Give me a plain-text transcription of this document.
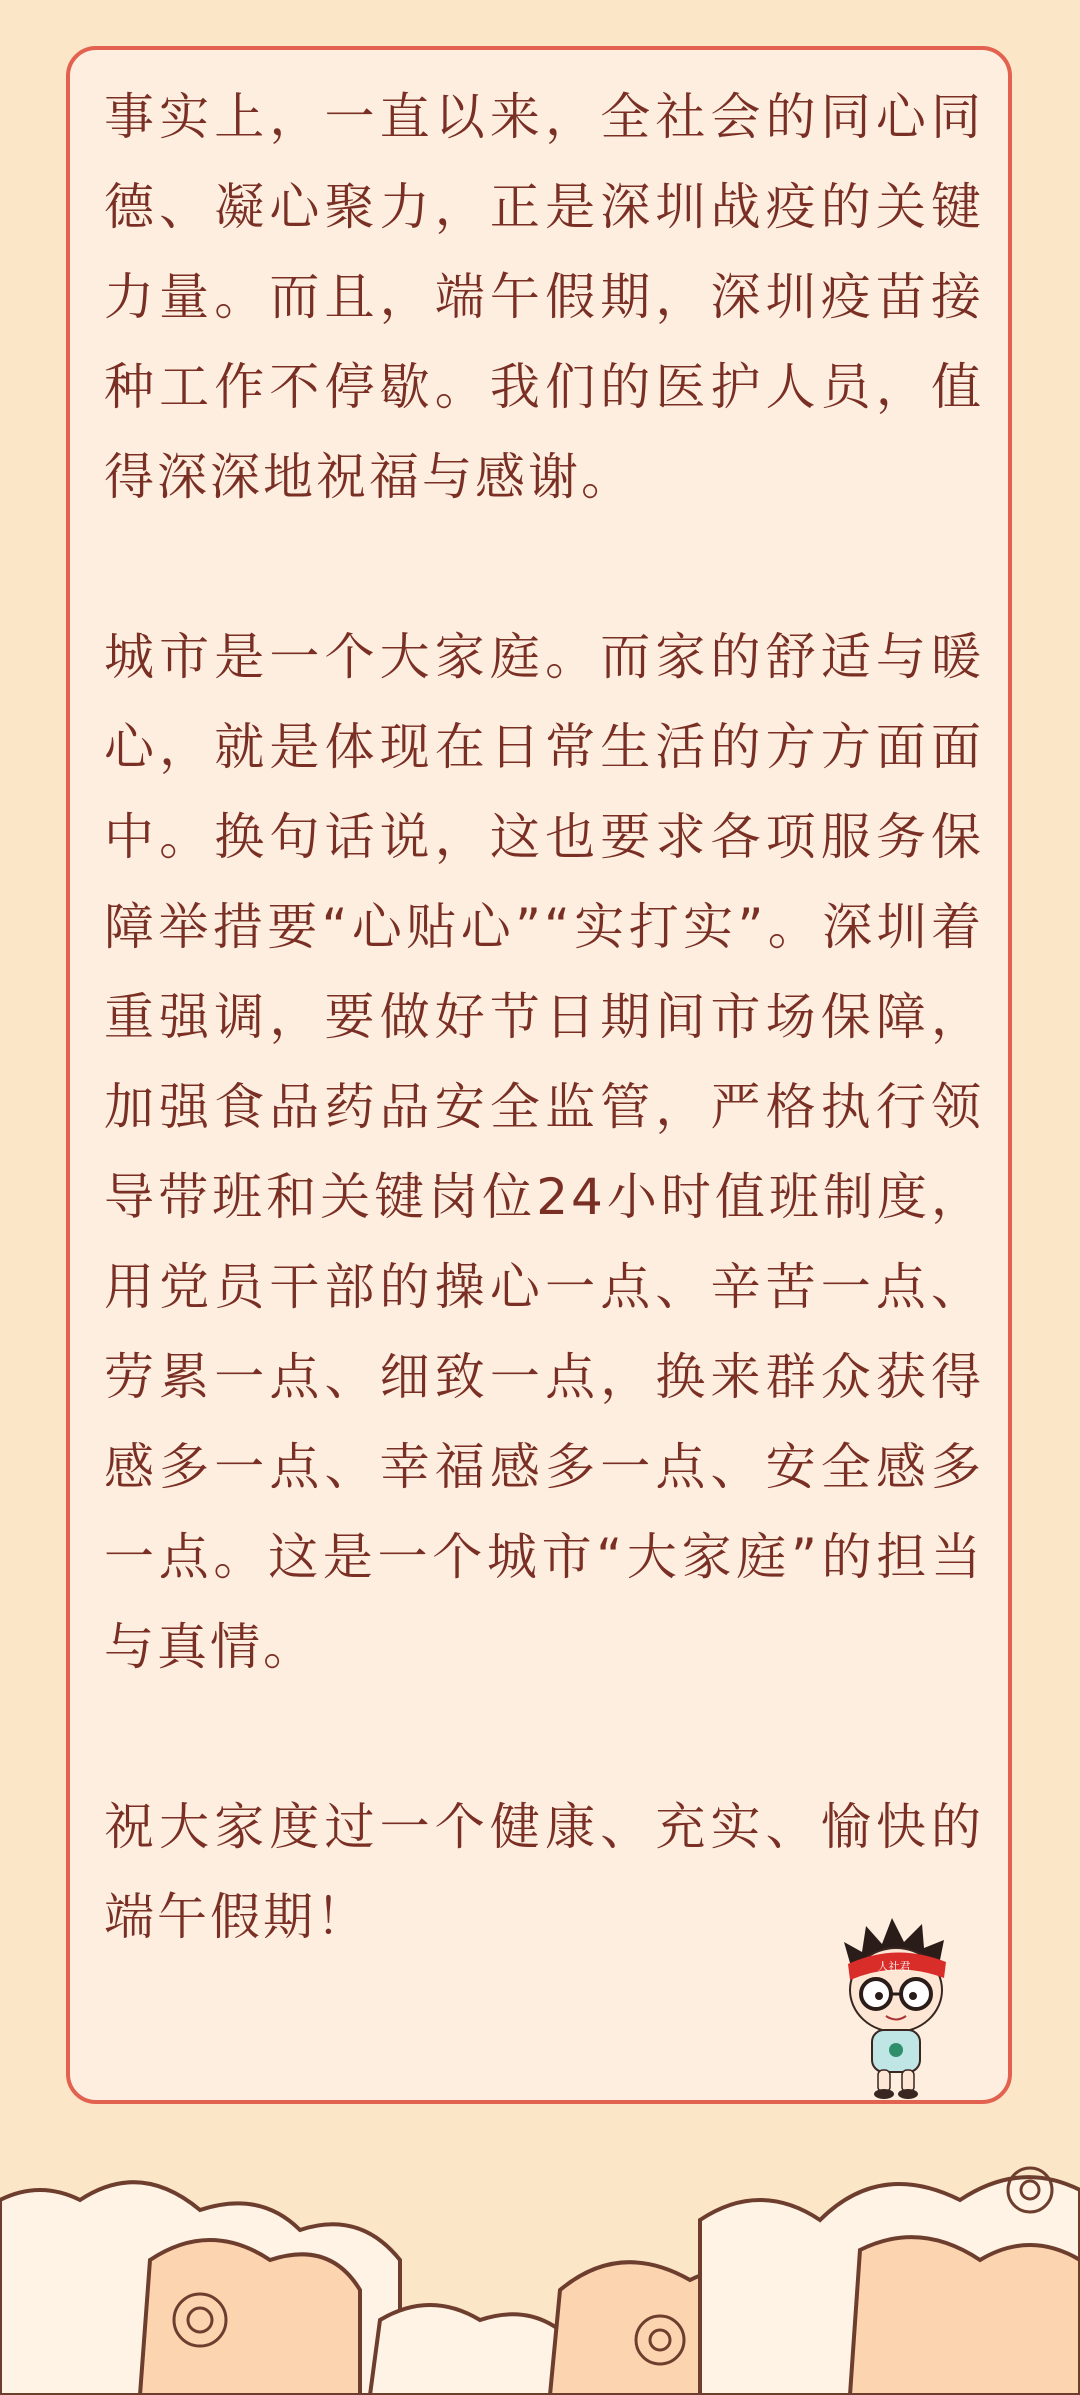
事实上，一直以来，全社会的同心同德、凝心聚力，正是深圳战疫的关键力量。而且，端午假期，深圳疫苗接种工作不停歇。我们的医护人员，值得深深地祝福与感谢。

城市是一个大家庭。而家的舒适与暖心，就是体现在日常生活的方方面面中。换句话说，这也要求各项服务保障举措要“心贴心”“实打实”。深圳着重强调，要做好节日期间市场保障，加强食品药品安全监管，严格执行领导带班和关键岗位24小时值班制度，用党员干部的操心一点、辛苦一点、劳累一点、细致一点，换来群众获得感多一点、幸福感多一点、安全感多一点。这是一个城市“大家庭”的担当与真情。

祝大家度过一个健康、充实、愉快的端午假期！

人社君
